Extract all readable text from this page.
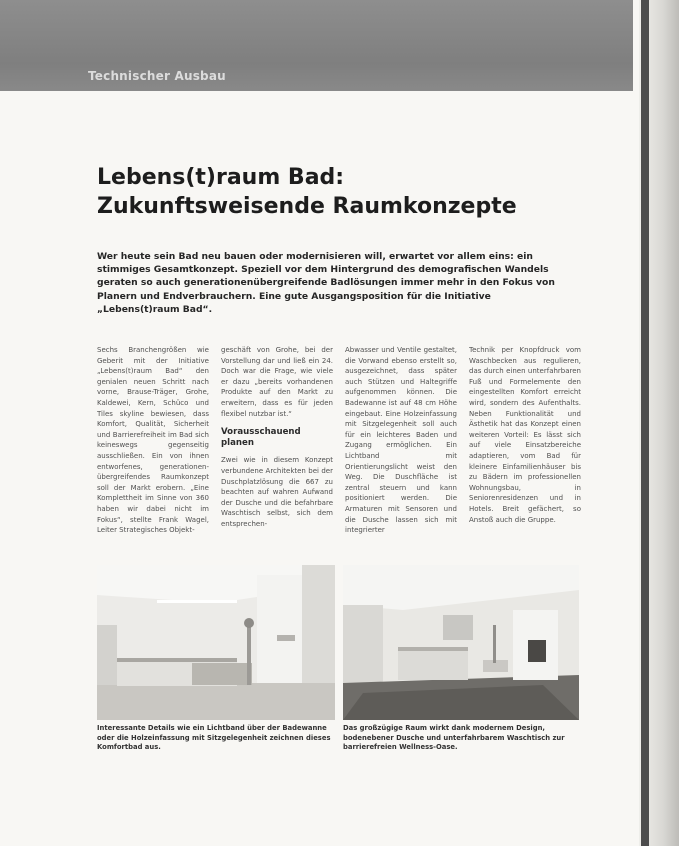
Technischer Ausbau
Lebens(t)raum Bad:
Zukunftsweisende Raumkonzepte

Wer heute sein Bad neu bauen oder modernisieren will, erwartet vor allem eins: ein stimmiges Gesamtkonzept. Speziell vor dem Hintergrund des demografischen Wandels geraten so auch generationenübergreifende Badlösungen immer mehr in den Fokus von Planern und Endverbrauchern. Eine gute Ausgangsposition für die Initiative „Lebens(t)raum Bad“.

Sechs Branchengrößen wie Geberit mit der Initiative „Lebens(t)raum Bad“ den genialen neuen Schritt nach vorne, Brause-Träger, Grohe, Kaldewei, Kern, Schüco und Tiles skyline bewiesen, dass Komfort, Qualität, Sicherheit und Barrierefreiheit im Bad sich keineswegs gegenseitig ausschließen. Ein von ihnen entworfenes, generationen-übergreifendes Raumkonzept soll der Markt erobern. „Eine Komplettheit im Sinne von 360 haben wir dabei nicht im Fokus“, stellte Frank Wagel, Leiter Strategisches Objekt-

geschäft von Grohe, bei der Vorstellung dar und ließ ein 24. Doch war die Frage, wie viele er dazu „bereits vorhandenen Produkte auf den Markt zu erweitern, dass es für jeden flexibel nutzbar ist.“

Vorausschauend planen

Zwei wie in diesem Konzept verbundene Architekten bei der Duschplatzlösung die 667 zu beachten auf wahren Aufwand der Dusche und die befahrbare Waschtisch selbst, sich dem entsprechen-

Abwasser und Ventile gestaltet, die Vorwand ebenso erstellt so, ausgezeichnet, dass später auch Stützen und Haltegriffe aufgenommen können. Die Badewanne ist auf 48 cm Höhe eingebaut. Eine Holzeinfassung mit Sitzgelegenheit soll auch für ein leichteres Baden und Zugang ermöglichen. Ein Lichtband mit Orientierungslicht weist den Weg. Die Duschfläche ist zentral steuern und kann positioniert werden. Die Armaturen mit Sensoren und die Dusche lassen sich mit integrierter

Technik per Knopfdruck vom Waschbecken aus regulieren, das durch einen unterfahrbaren Fuß und Formelemente den eingestellten Komfort erreicht wird, sondern des Aufenthalts. Neben Funktionalität und Ästhetik hat das Konzept einen weiteren Vorteil: Es lässt sich auf viele Einsatzbereiche adaptieren, vom Bad für kleinere Einfamilienhäuser bis zu Bädern im professionellen Wohnungsbau, in Seniorenresidenzen und in Hotels. Breit gefächert, so Anstoß auch die Gruppe.

Interessante Details wie ein Lichtband über der Badewanne oder die Holzeinfassung mit Sitzgelegenheit zeichnen dieses Komfortbad aus.

Das großzügige Raum wirkt dank modernem Design, bodenebener Dusche und unterfahrbarem Waschtisch zur barrierefreien Wellness-Oase.
